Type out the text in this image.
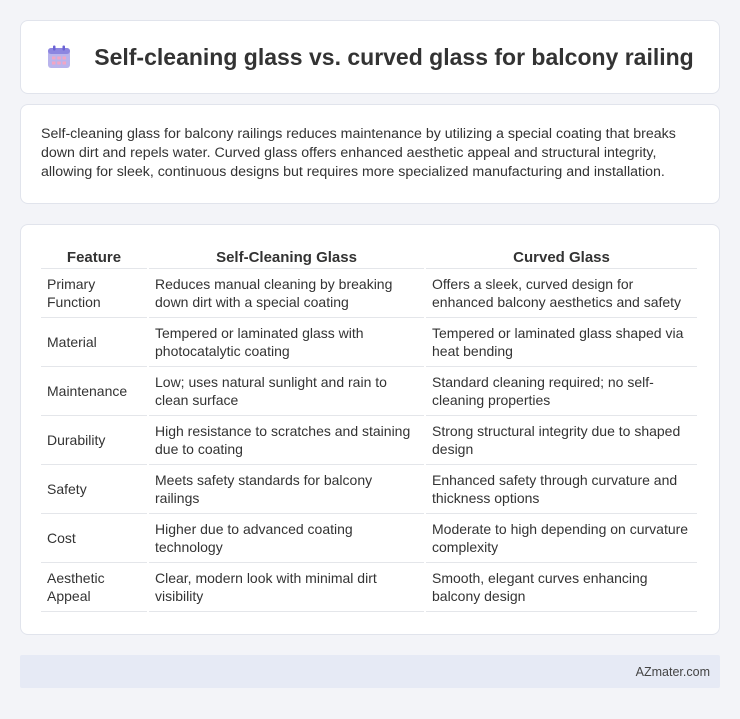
Self-cleaning glass vs. curved glass for balcony railing

Self-cleaning glass for balcony railings reduces maintenance by utilizing a special coating that breaks down dirt and repels water. Curved glass offers enhanced aesthetic appeal and structural integrity, allowing for sleek, continuous designs but requires more specialized manufacturing and installation.

Feature	Self-Cleaning Glass	Curved Glass
Primary Function	Reduces manual cleaning by breaking down dirt with a special coating	Offers a sleek, curved design for enhanced balcony aesthetics and safety
Material	Tempered or laminated glass with photocatalytic coating	Tempered or laminated glass shaped via heat bending
Maintenance	Low; uses natural sunlight and rain to clean surface	Standard cleaning required; no self-cleaning properties
Durability	High resistance to scratches and staining due to coating	Strong structural integrity due to shaped design
Safety	Meets safety standards for balcony railings	Enhanced safety through curvature and thickness options
Cost	Higher due to advanced coating technology	Moderate to high depending on curvature complexity
Aesthetic Appeal	Clear, modern look with minimal dirt visibility	Smooth, elegant curves enhancing balcony design
AZmater.com
